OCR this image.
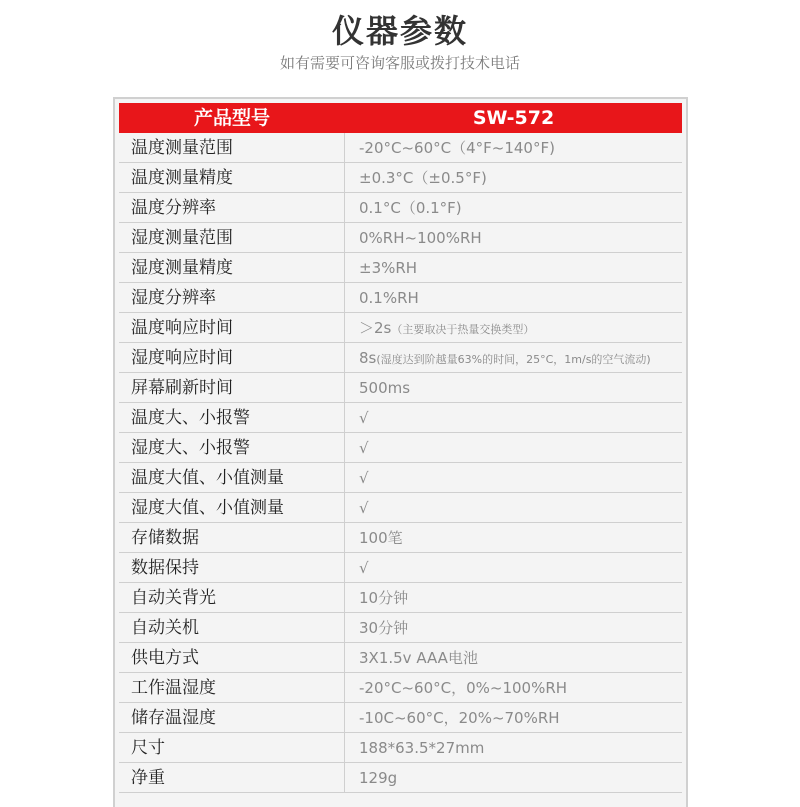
仪器参数
如有需要可咨询客服或拨打技术电话
产品型号	SW-572
温度测量范围	-20°C~60°C（4°F~140°F)
温度测量精度	±0.3°C（±0.5°F)
温度分辨率	0.1°C（0.1°F)
湿度测量范围	0%RH~100%RH
湿度测量精度	±3%RH
湿度分辨率	0.1%RH
温度响应时间	＞2s（主要取决于热量交换类型）
湿度响应时间	8s(湿度达到阶越量63%的时间，25°C，1m/s的空气流动)
屏幕刷新时间	500ms
温度大、小报警	√
湿度大、小报警	√
温度大值、小值测量	√
湿度大值、小值测量	√
存储数据	100笔
数据保持	√
自动关背光	10分钟
自动关机	30分钟
供电方式	3X1.5v AAA电池
工作温湿度	-20°C~60°C，0%~100%RH
储存温湿度	-10C~60°C，20%~70%RH
尺寸	188*63.5*27mm
净重	129g
